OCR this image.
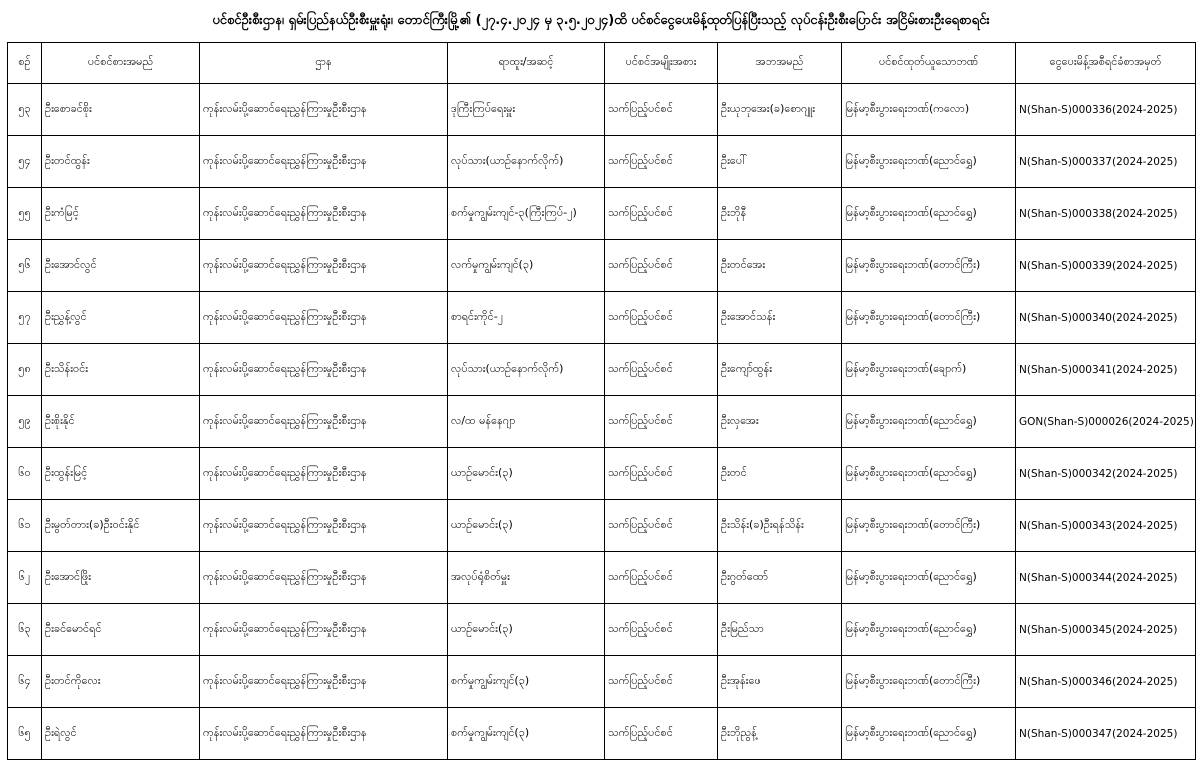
ပင်စင်ဦးစီးဌာန၊ ရှမ်းပြည်နယ်ဦးစီးမှူးရုံး၊ တောင်ကြီးမြို့၏ (၂၇.၄.၂၀၂၄ မှ ၃.၅.၂၀၂၄)ထိ ပင်စင်ငွေပေးမိန့်ထုတ်ပြန်ပြီးသည့် လုပ်ငန်းဦးစီးပြောင်း အငြိမ်းစားဦးရေစာရင်း
စဉ်	ပင်စင်စားအမည်	ဌာန	ရာထူး/အဆင့်	ပင်စင်အမျိုးအစား	အဘအမည်	ပင်စင်ထုတ်ယူသောဘဏ်	ငွေပေးမိန့်အစီရင်ခံစာအမှတ်
၅၃	ဦးစောခင်စိုး	ကုန်းလမ်းပို့ဆောင်ရေးညွှန်ကြားမှုဦးစီးဌာန	ဒုကြီးကြပ်ရေးမှူး	သက်ပြည့်ပင်စင်	ဦးယုဘုအေး(ခ)စောဂျူး	မြန်မာ့စီးပွားရေးဘဏ်(ကလော)	N(Shan-S)000336(2024-2025)
၅၄	ဦးတင်ထွန်း	ကုန်းလမ်းပို့ဆောင်ရေးညွှန်ကြားမှုဦးစီးဌာန	လုပ်သား(ယာဉ်နောက်လိုက်)	သက်ပြည့်ပင်စင်	ဦးပေါ်	မြန်မာ့စီးပွားရေးဘဏ်(ညောင်ရွှေ)	N(Shan-S)000337(2024-2025)
၅၅	ဦးကံမြင့်	ကုန်းလမ်းပို့ဆောင်ရေးညွှန်ကြားမှုဦးစီးဌာန	စက်မှုကျွမ်းကျင်-၃(ကြီးကြပ်-၂)	သက်ပြည့်ပင်စင်	ဦးဘိုနီ	မြန်မာ့စီးပွားရေးဘဏ်(ညောင်ရွှေ)	N(Shan-S)000338(2024-2025)
၅၆	ဦးအောင်လွင်	ကုန်းလမ်းပို့ဆောင်ရေးညွှန်ကြားမှုဦးစီးဌာန	လက်မှုကျွမ်းကျင်(၃)	သက်ပြည့်ပင်စင်	ဦးတင်အေး	မြန်မာ့စီးပွားရေးဘဏ်(တောင်ကြီး)	N(Shan-S)000339(2024-2025)
၅၇	ဦးညွှန့်လွင်	ကုန်းလမ်းပို့ဆောင်ရေးညွှန်ကြားမှုဦးစီးဌာန	စာရင်းကိုင်-၂	သက်ပြည့်ပင်စင်	ဦးအောင်သန်း	မြန်မာ့စီးပွားရေးဘဏ်(တောင်ကြီး)	N(Shan-S)000340(2024-2025)
၅၈	ဦးသိန်းဝင်း	ကုန်းလမ်းပို့ဆောင်ရေးညွှန်ကြားမှုဦးစီးဌာန	လုပ်သား(ယာဉ်နောက်လိုက်)	သက်ပြည့်ပင်စင်	ဦးကျော်ထွန်း	မြန်မာ့စီးပွားရေးဘဏ်(ချောက်)	N(Shan-S)000341(2024-2025)
၅၉	ဦးစိုးနိုင်	ကုန်းလမ်းပို့ဆောင်ရေးညွှန်ကြားမှုဦးစီးဌာန	လ/ထ မန်နေဂျာ	သက်ပြည့်ပင်စင်	ဦးလှအေး	မြန်မာ့စီးပွားရေးဘဏ်(ညောင်ရွှေ)	GON(Shan-S)000026(2024-2025)
၆၀	ဦးထွန်းမြင့်	ကုန်းလမ်းပို့ဆောင်ရေးညွှန်ကြားမှုဦးစီးဌာန	ယာဉ်မောင်း(၃)	သက်ပြည့်ပင်စင်	ဦးတင်	မြန်မာ့စီးပွားရေးဘဏ်(ညောင်ရွှေ)	N(Shan-S)000342(2024-2025)
၆၁	ဦးမွတ်တား(ခ)ဦးဝင်းနိုင်	ကုန်းလမ်းပို့ဆောင်ရေးညွှန်ကြားမှုဦးစီးဌာန	ယာဉ်မောင်း(၃)	သက်ပြည့်ပင်စင်	ဦးသိန်း(ခ)ဦးရန်သိန်း	မြန်မာ့စီးပွားရေးဘဏ်(တောင်ကြီး)	N(Shan-S)000343(2024-2025)
၆၂	ဦးအောင်ဖြိုး	ကုန်းလမ်းပို့ဆောင်ရေးညွှန်ကြားမှုဦးစီးဌာန	အလုပ်ရုံစိတ်မှူး	သက်ပြည့်ပင်စင်	ဦးဂွတ်ထော်	မြန်မာ့စီးပွားရေးဘဏ်(ညောင်ရွှေ)	N(Shan-S)000344(2024-2025)
၆၃	ဦးခင်မောင်ရင်	ကုန်းလမ်းပို့ဆောင်ရေးညွှန်ကြားမှုဦးစီးဌာန	ယာဉ်မောင်း(၃)	သက်ပြည့်ပင်စင်	ဦးမြည်သာ	မြန်မာ့စီးပွားရေးဘဏ်(ညောင်ရွှေ)	N(Shan-S)000345(2024-2025)
၆၄	ဦးတင်ကိုလေး	ကုန်းလမ်းပို့ဆောင်ရေးညွှန်ကြားမှုဦးစီးဌာန	စက်မှုကျွမ်းကျင်(၃)	သက်ပြည့်ပင်စင်	ဦးအုန်းဖေ	မြန်မာ့စီးပွားရေးဘဏ်(တောင်ကြီး)	N(Shan-S)000346(2024-2025)
၆၅	ဦးရဲလွင်	ကုန်းလမ်းပို့ဆောင်ရေးညွှန်ကြားမှုဦးစီးဌာန	စက်မှုကျွမ်းကျင်(၃)	သက်ပြည့်ပင်စင်	ဦးဘိုညွန့်	မြန်မာ့စီးပွားရေးဘဏ်(ညောင်ရွှေ)	N(Shan-S)000347(2024-2025)
